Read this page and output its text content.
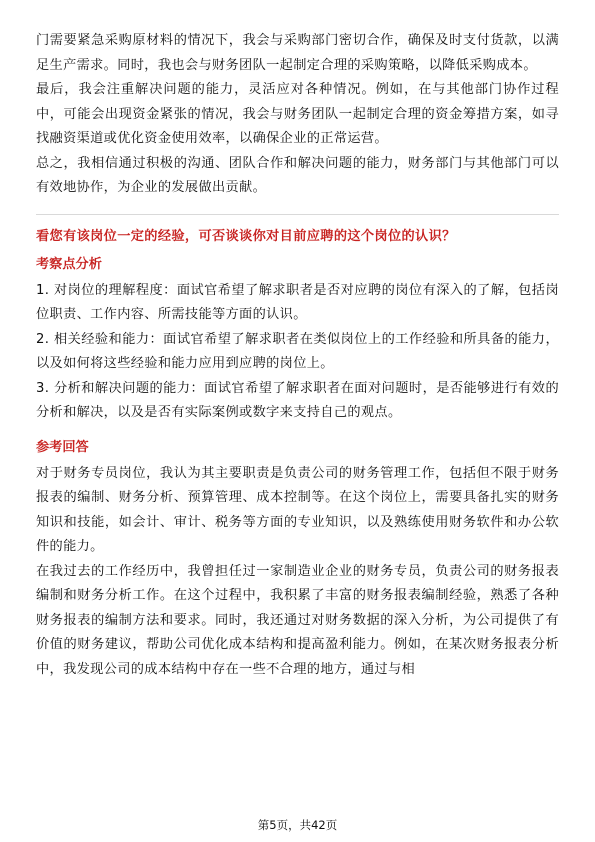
门需要紧急采购原材料的情况下，我会与采购部门密切合作，确保及时支付货款，以满足生产需求。同时，我也会与财务团队一起制定合理的采购策略，以降低采购成本。

最后，我会注重解决问题的能力，灵活应对各种情况。例如，在与其他部门协作过程中，可能会出现资金紧张的情况，我会与财务团队一起制定合理的资金筹措方案，如寻找融资渠道或优化资金使用效率，以确保企业的正常运营。

总之，我相信通过积极的沟通、团队合作和解决问题的能力，财务部门与其他部门可以有效地协作，为企业的发展做出贡献。

看您有该岗位一定的经验，可否谈谈你对目前应聘的这个岗位的认识？
考察点分析

1. 对岗位的理解程度：面试官希望了解求职者是否对应聘的岗位有深入的了解，包括岗位职责、工作内容、所需技能等方面的认识。

2. 相关经验和能力：面试官希望了解求职者在类似岗位上的工作经验和所具备的能力，以及如何将这些经验和能力应用到应聘的岗位上。

3. 分析和解决问题的能力：面试官希望了解求职者在面对问题时，是否能够进行有效的分析和解决，以及是否有实际案例或数字来支持自己的观点。

参考回答

对于财务专员岗位，我认为其主要职责是负责公司的财务管理工作，包括但不限于财务报表的编制、财务分析、预算管理、成本控制等。在这个岗位上，需要具备扎实的财务知识和技能，如会计、审计、税务等方面的专业知识，以及熟练使用财务软件和办公软件的能力。

在我过去的工作经历中，我曾担任过一家制造业企业的财务专员，负责公司的财务报表编制和财务分析工作。在这个过程中，我积累了丰富的财务报表编制经验，熟悉了各种财务报表的编制方法和要求。同时，我还通过对财务数据的深入分析，为公司提供了有价值的财务建议，帮助公司优化成本结构和提高盈利能力。例如，在某次财务报表分析中，我发现公司的成本结构中存在一些不合理的地方，通过与相

第5页，共42页
